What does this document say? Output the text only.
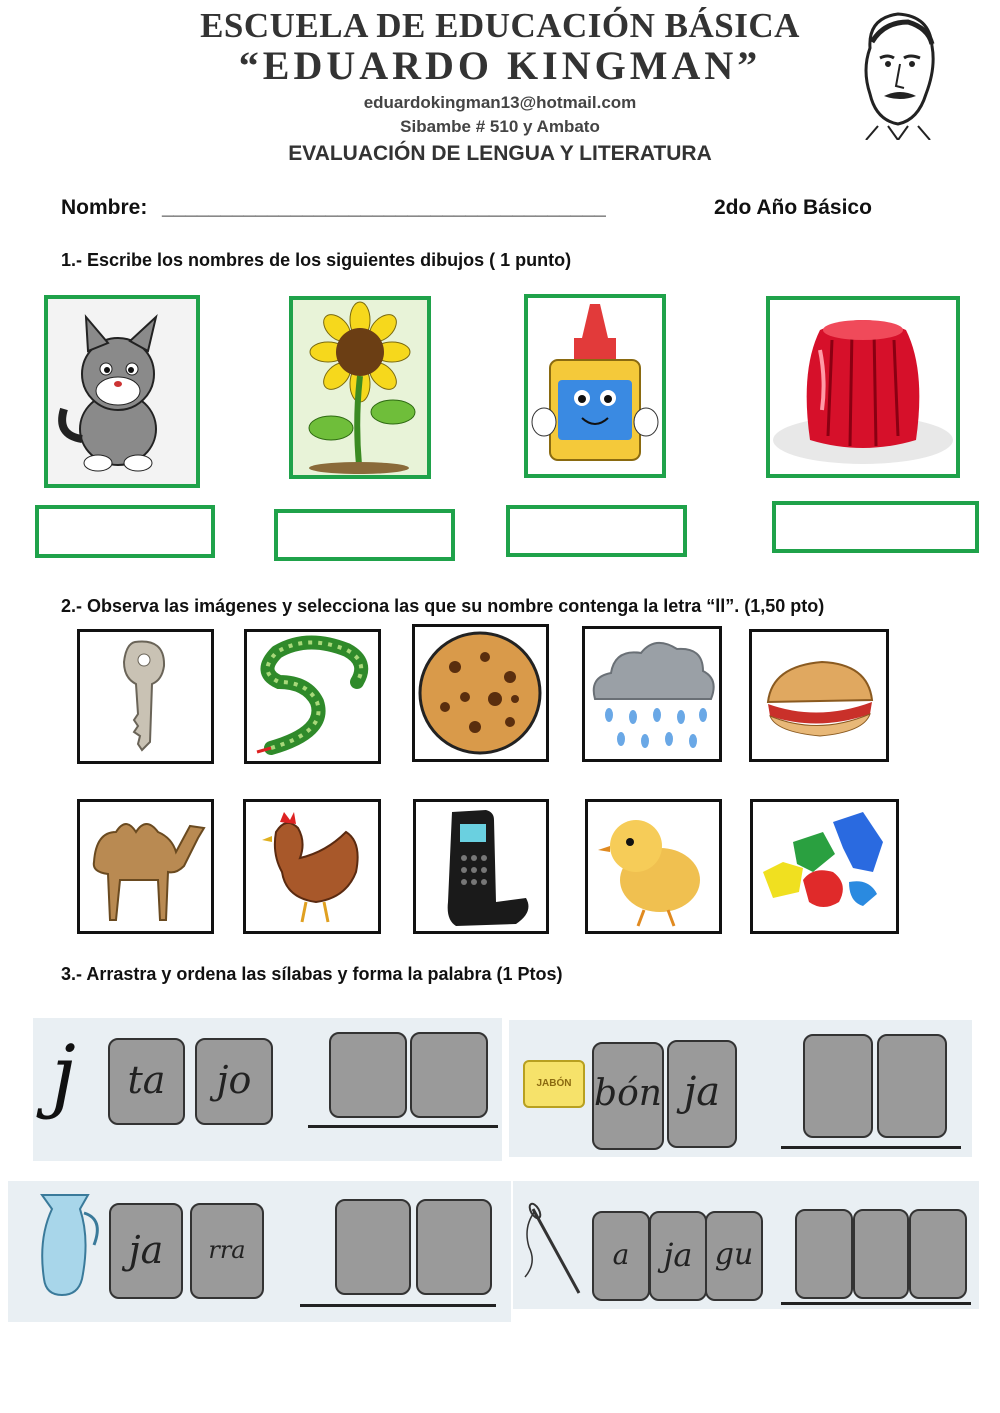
ESCUELA DE EDUCACIÓN BÁSICA
“EDUARDO KINGMAN”
eduardokingman13@hotmail.com
Sibambe # 510 y Ambato
EVALUACIÓN DE LENGUA Y LITERATURA
Nombre: ______________________________________	2do Año Básico
1.- Escribe los nombres de los siguientes dibujos ( 1 punto)
2.- Observa las imágenes y selecciona las que su nombre contenga la letra “ll”. (1,50 pto)
3.- Arrastra y ordena las sílabas y forma la palabra (1 Ptos)
j	ta	jo	JABÓN bón ja
ja	rra	a	ja gu
